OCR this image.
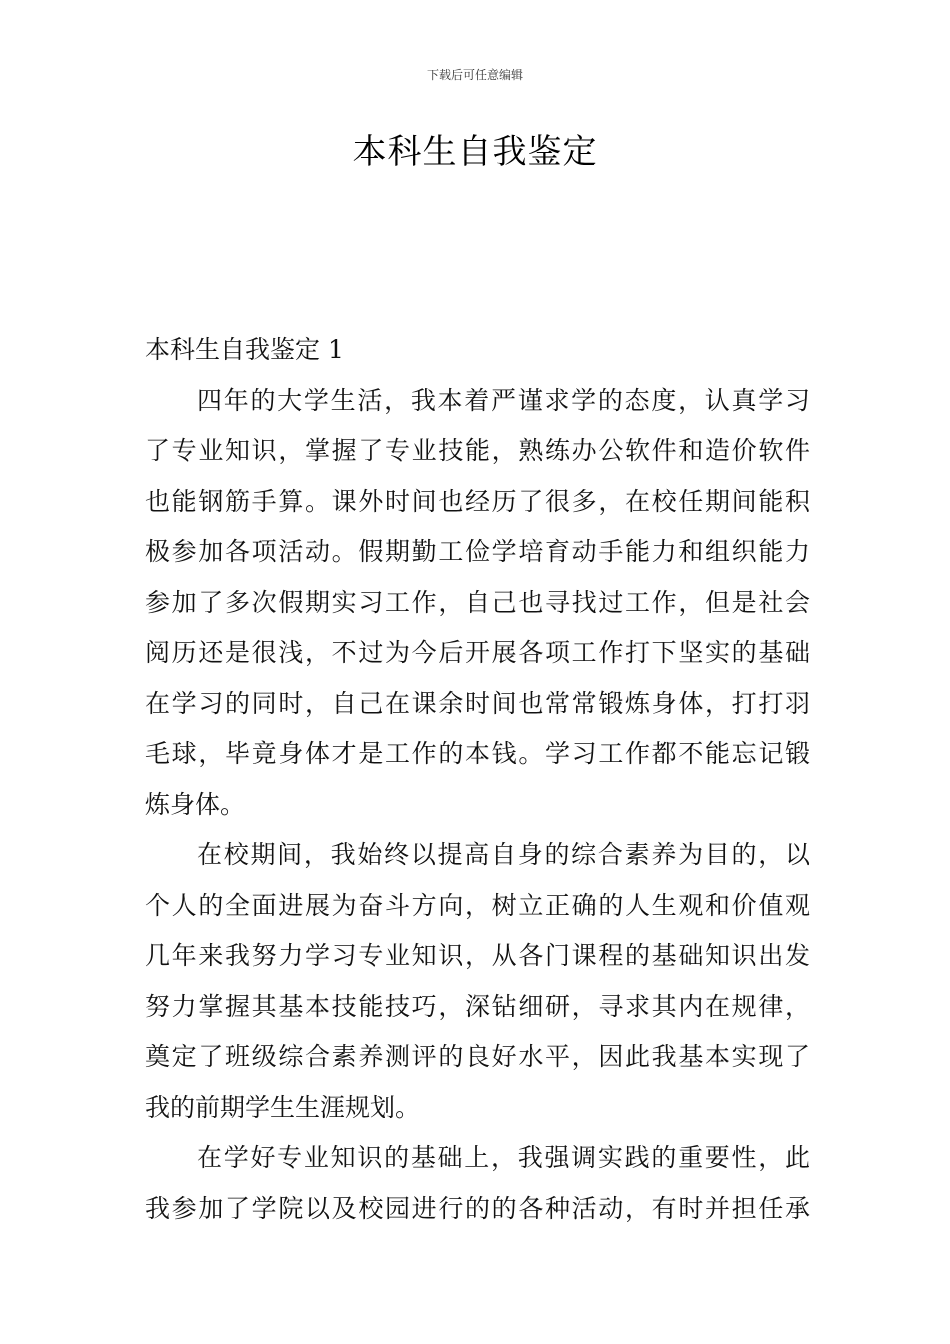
下载后可任意编辑
本科生自我鉴定
本科生自我鉴定 1
四年的大学生活，我本着严谨求学的态度，认真学习
了专业知识，掌握了专业技能，熟练办公软件和造价软件
也能钢筋手算。课外时间也经历了很多，在校任期间能积
极参加各项活动。假期勤工俭学培育动手能力和组织能力
参加了多次假期实习工作，自己也寻找过工作，但是社会
阅历还是很浅，不过为今后开展各项工作打下坚实的基础
在学习的同时，自己在课余时间也常常锻炼身体，打打羽
毛球，毕竟身体才是工作的本钱。学习工作都不能忘记锻
炼身体。
在校期间，我始终以提高自身的综合素养为目的，以
个人的全面进展为奋斗方向，树立正确的人生观和价值观
几年来我努力学习专业知识，从各门课程的基础知识出发
努力掌握其基本技能技巧，深钻细研，寻求其内在规律，
奠定了班级综合素养测评的良好水平，因此我基本实现了
我的前期学生生涯规划。
在学好专业知识的基础上，我强调实践的重要性，此
我参加了学院以及校园进行的的各种活动，有时并担任承
